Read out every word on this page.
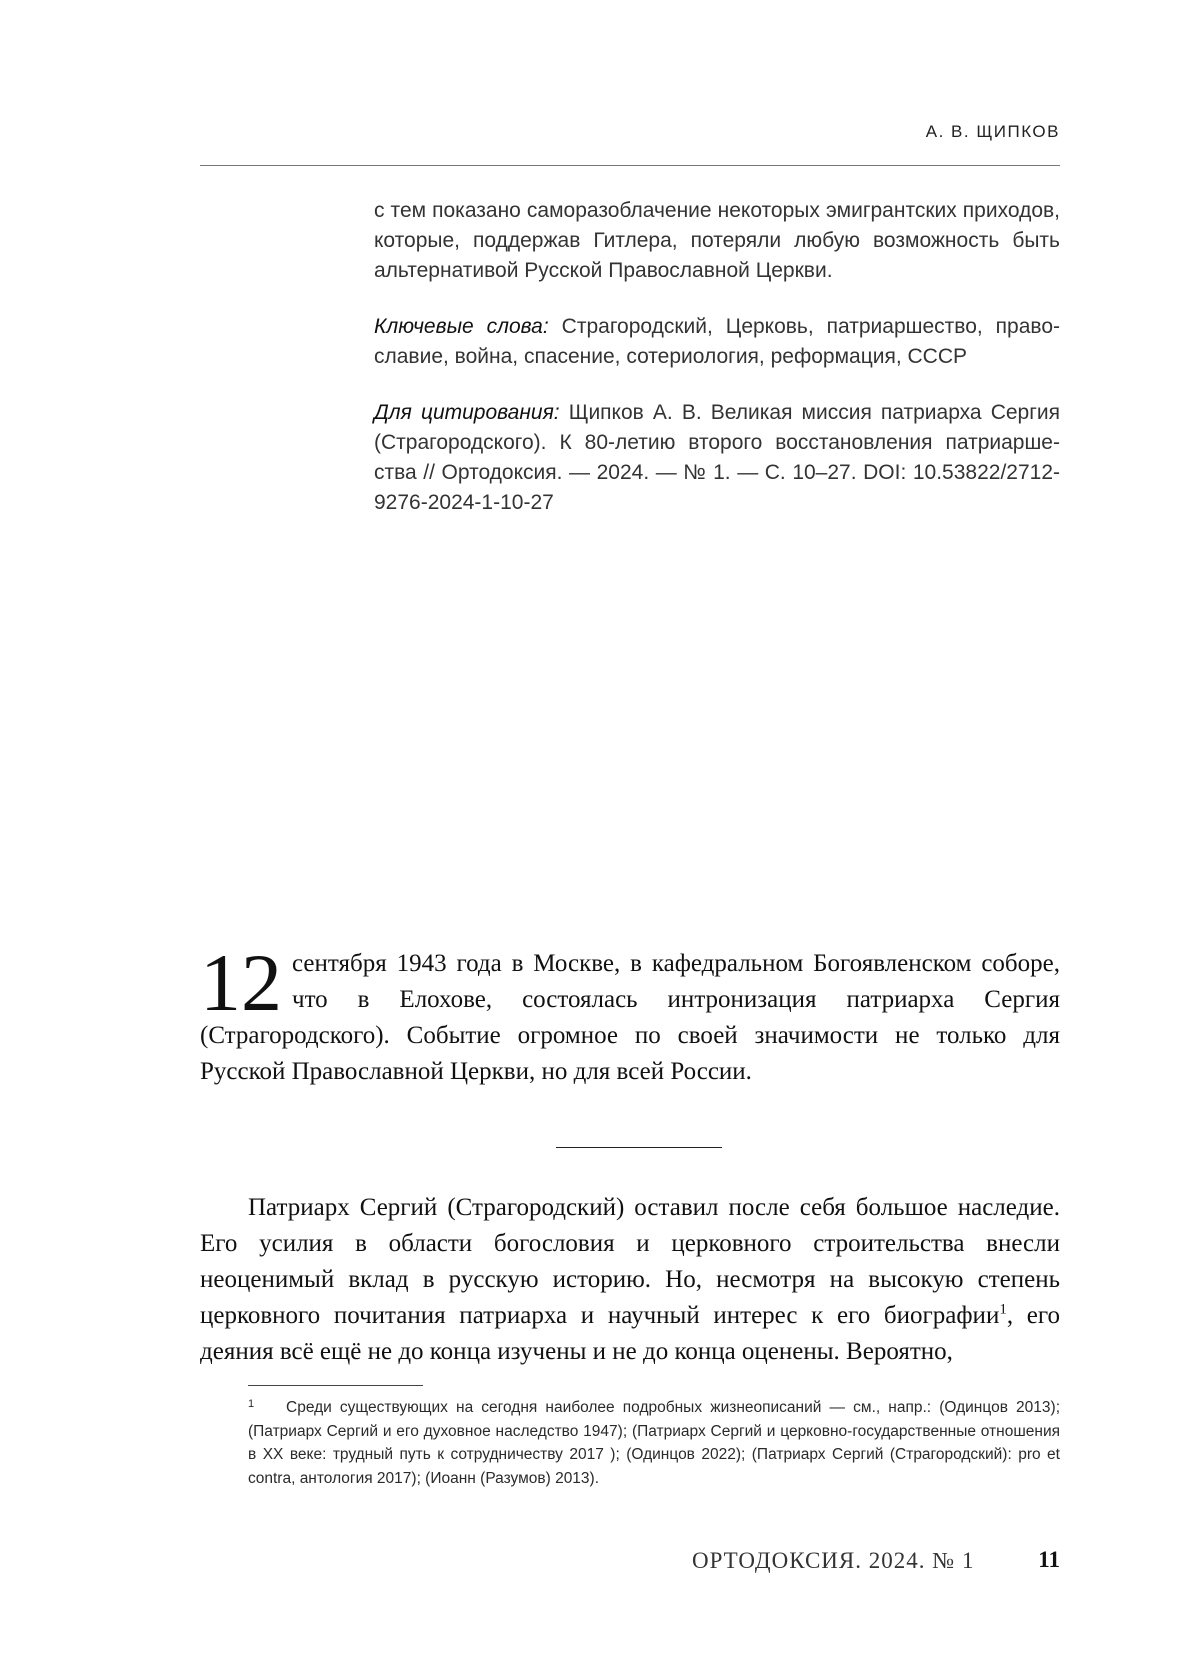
А. В. ЩИПКОВ

с тем показано саморазоблачение некоторых эмигрантских приходов, которые, поддержав Гитлера, потеряли любую возможность быть альтернативой Русской Православной Церкви.

Ключевые слова: Страгородский, Церковь, патриаршество, православие, война, спасение, сотериология, реформация, СССР

Для цитирования: Щипков А. В. Великая миссия патриарха Сергия (Страгородского). К 80-летию второго восстановления патриаршества // Ортодоксия. — 2024. — № 1. — С. 10–27. DOI: 10.53822/2712-9276-2024-1-10-27

12 сентября 1943 года в Москве, в кафедральном Богоявленском соборе, что в Елохове, состоялась интронизация патриарха Сергия (Страгородского). Событие огромное по своей значимости не только для Русской Православной Церкви, но для всей России.

Патриарх Сергий (Страгородский) оставил после себя большое наследие. Его усилия в области богословия и церковного строительства внесли неоценимый вклад в русскую историю. Но, несмотря на высокую степень церковного почитания патриарха и научный интерес к его биографии$^1$, его деяния всё ещё не до конца изучены и не до конца оценены. Вероятно,

1 Среди существующих на сегодня наиболее подробных жизнеописаний — см., напр.: (Одинцов 2013); (Патриарх Сергий и его духовное наследство 1947); (Патриарх Сергий и церковно-государственные отношения в XX веке: трудный путь к сотрудничеству 2017 ); (Одинцов 2022); (Патриарх Сергий (Страгородский): pro et contra, антология 2017); (Иоанн (Разумов) 2013).

ОРТОДОКСИЯ. 2024. № 1	11
